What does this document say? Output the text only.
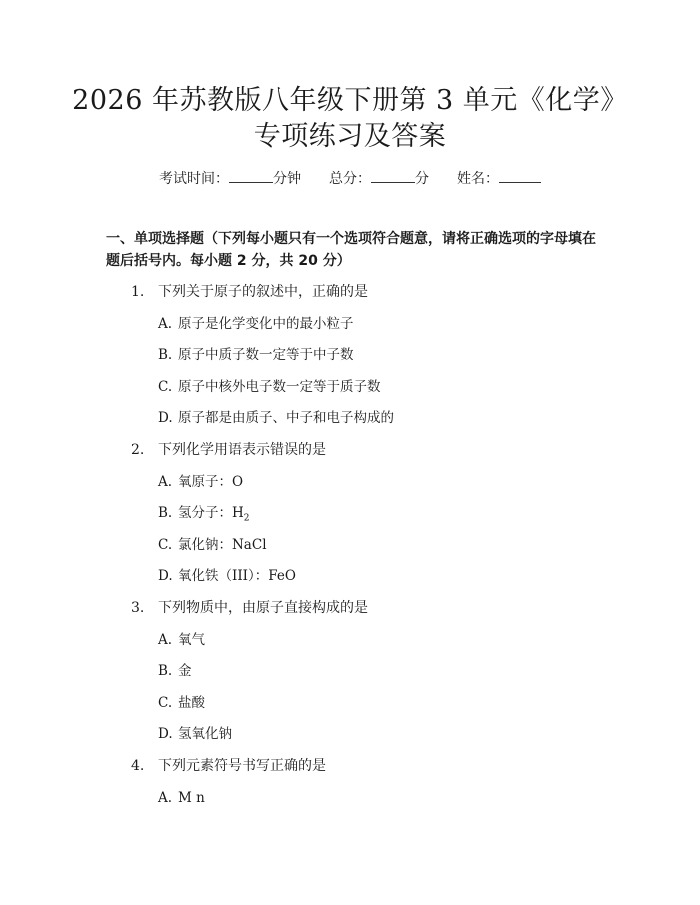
2026 年苏教版八年级下册第 3 单元《化学》
专项练习及答案
考试时间：	分钟 总分：	分 姓名：
一、单项选择题（下列每小题只有一个选项符合题意，请将正确选项的字母填在题后括号内。每小题 2 分，共 20 分）
1. 下列关于原子的叙述中，正确的是
A. 原子是化学变化中的最小粒子
B. 原子中质子数一定等于中子数
C. 原子中核外电子数一定等于质子数
D. 原子都是由质子、中子和电子构成的
2. 下列化学用语表示错误的是
A. 氧原子：O
B. 氢分子：$H_2$
C. 氯化钠：NaCl
D. 氧化铁（III）：FeO
3. 下列物质中，由原子直接构成的是
A. 氧气
B. 金
C. 盐酸
D. 氢氧化钠
4. 下列元素符号书写正确的是
A. M n
